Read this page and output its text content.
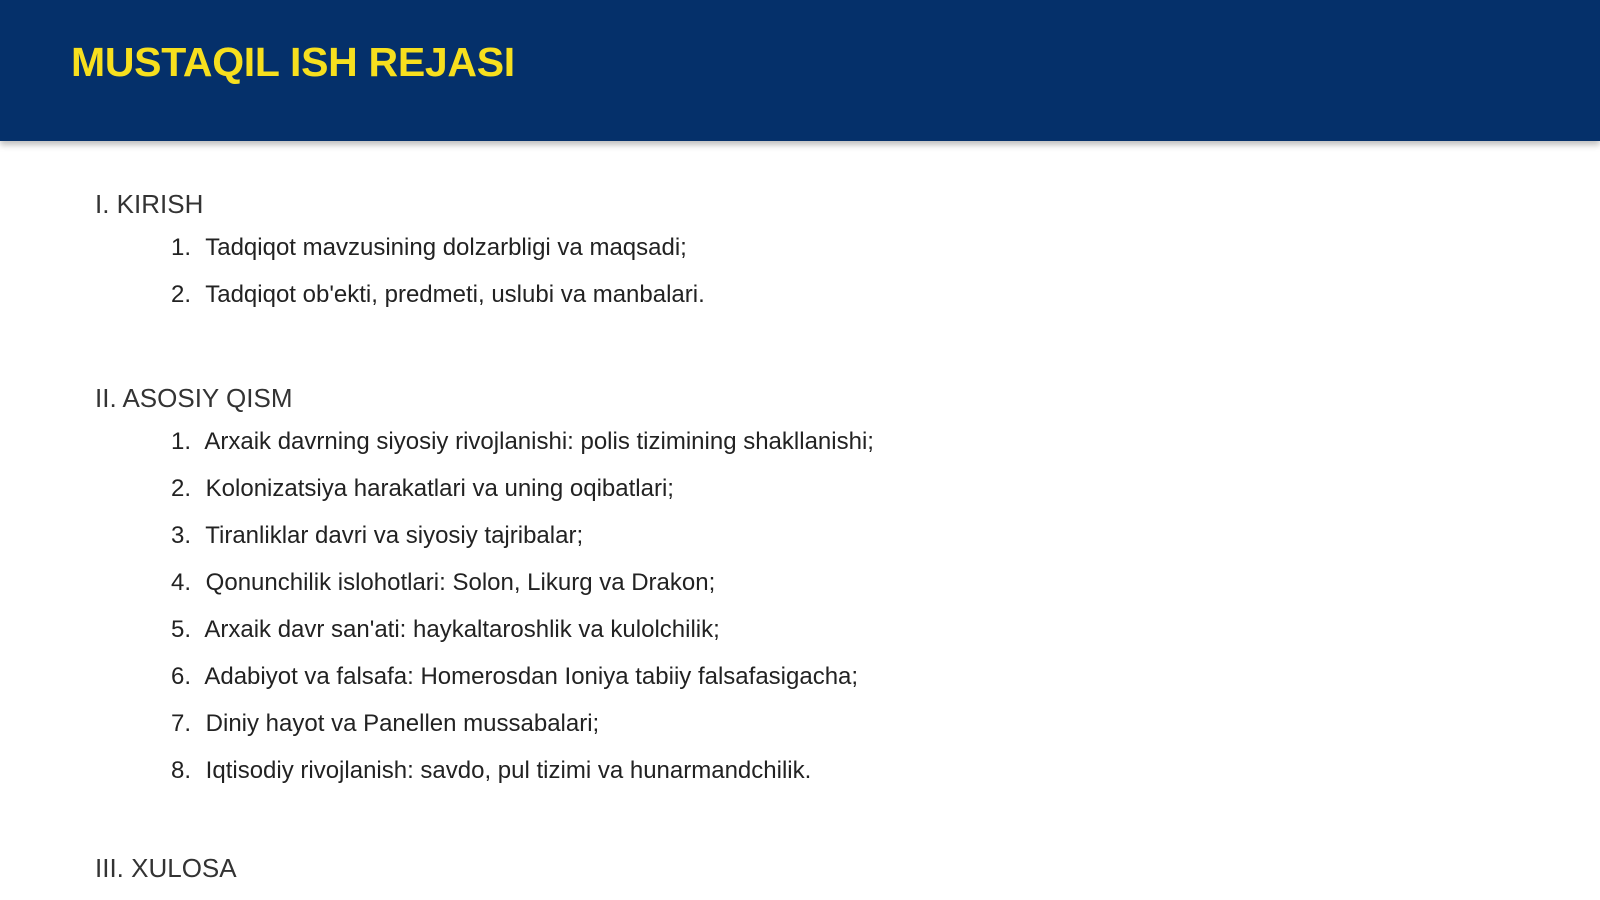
MUSTAQIL ISH REJASI

I. KIRISH

1. Tadqiqot mavzusining dolzarbligi va maqsadi;
2. Tadqiqot ob'ekti, predmeti, uslubi va manbalari.

II. ASOSIY QISM

1. Arxaik davrning siyosiy rivojlanishi: polis tizimining shakllanishi;
2. Kolonizatsiya harakatlari va uning oqibatlari;
3. Tiranliklar davri va siyosiy tajribalar;
4. Qonunchilik islohotlari: Solon, Likurg va Drakon;
5. Arxaik davr san'ati: haykaltaroshlik va kulolchilik;
6. Adabiyot va falsafa: Homerosdan Ioniya tabiiy falsafasigacha;
7. Diniy hayot va Panellen mussabalari;
8. Iqtisodiy rivojlanish: savdo, pul tizimi va hunarmandchilik.

III. XULOSA
